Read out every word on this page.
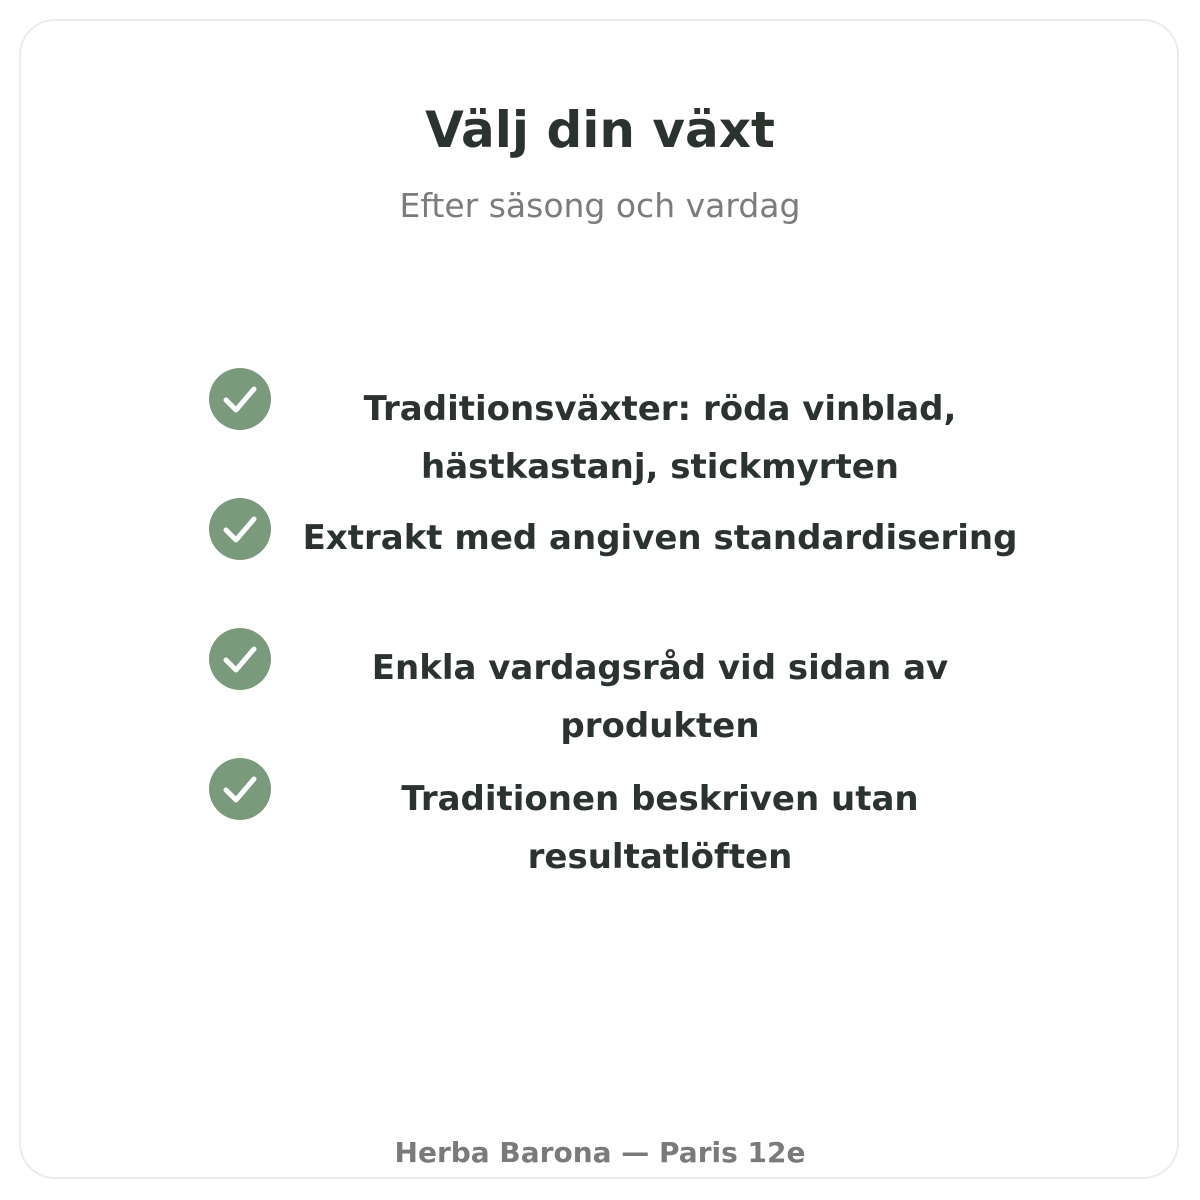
Välj din växt

Efter säsong och vardag

Traditionsväxter: röda vinblad, hästkastanj, stickmyrten
Extrakt med angiven standardisering
Enkla vardagsråd vid sidan av produkten
Traditionen beskriven utan resultatlöften
Herba Barona — Paris 12e
